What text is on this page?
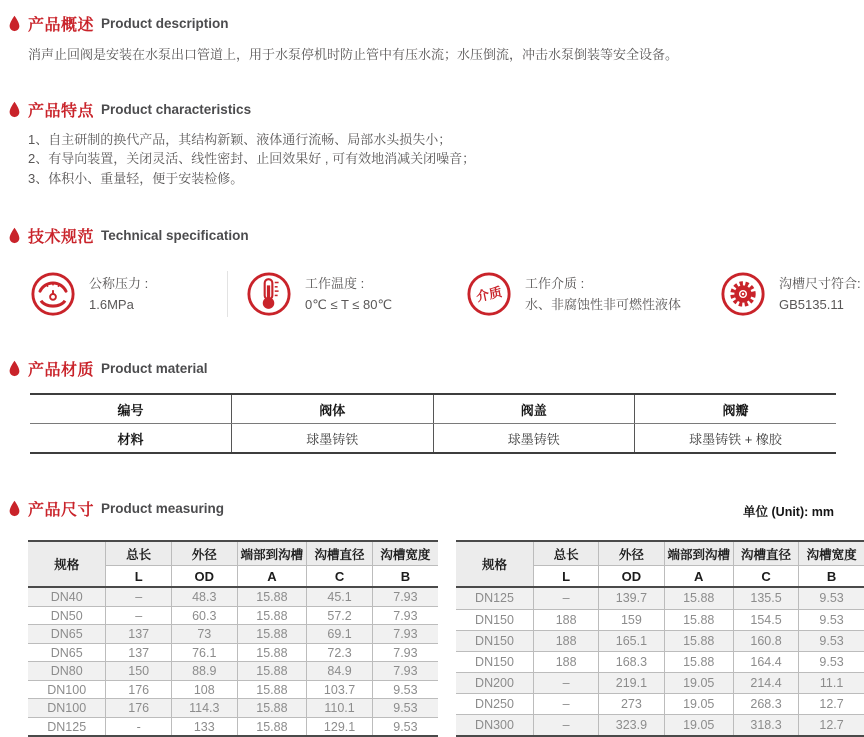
产品概述 Product description
消声止回阀是安装在水泵出口管道上，用于水泵停机时防止管中有压水流；水压倒流，冲击水泵倒装等安全设备。
产品特点 Product characteristics
1、自主研制的换代产品，其结构新颖、液体通行流畅、局部水头损失小；
2、有导向装置，关闭灵活、线性密封、止回效果好 , 可有效地消减关闭噪音；
3、体积小、重量轻，便于安装检修。
技术规范 Technical specification
公称压力 :
1.6MPa
工作温度 :
0℃ ≤ T ≤ 80℃
介质
工作介质 :
水、非腐蚀性非可燃性液体
沟槽尺寸符合:
GB5135.11
产品材质 Product material
编号	阀体	阀盖	阀瓣
材料	球墨铸铁	球墨铸铁	球墨铸铁 + 橡胶
产品尺寸 Product measuring	单位 (Unit): mm
规格	总长	外径	端部到沟槽	沟槽直径	沟槽宽度
	L	OD	A	C	B
DN40	–	48.3	15.88	45.1	7.93
DN50	–	60.3	15.88	57.2	7.93
DN65	137	73	15.88	69.1	7.93
DN65	137	76.1	15.88	72.3	7.93
DN80	150	88.9	15.88	84.9	7.93
DN100	176	108	15.88	103.7	9.53
DN100	176	114.3	15.88	110.1	9.53
DN125	-	133	15.88	129.1	9.53
规格	总长	外径	端部到沟槽	沟槽直径	沟槽宽度
	L	OD	A	C	B
DN125	–	139.7	15.88	135.5	9.53
DN150	188	159	15.88	154.5	9.53
DN150	188	165.1	15.88	160.8	9.53
DN150	188	168.3	15.88	164.4	9.53
DN200	–	219.1	19.05	214.4	11.1
DN250	–	273	19.05	268.3	12.7
DN300	–	323.9	19.05	318.3	12.7
